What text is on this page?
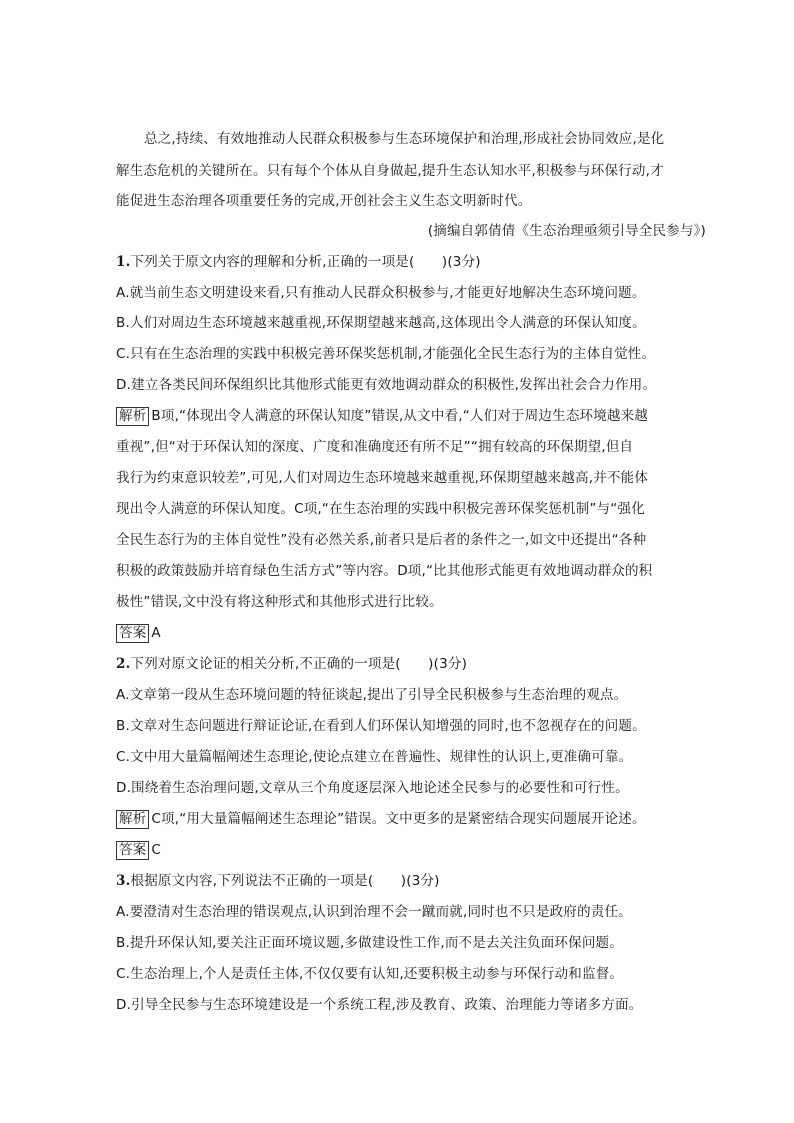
总之,持续、有效地推动人民群众积极参与生态环境保护和治理,形成社会协同效应,是化
解生态危机的关键所在。只有每个个体从自身做起,提升生态认知水平,积极参与环保行动,才
能促进生态治理各项重要任务的完成,开创社会主义生态文明新时代。
(摘编自郭倩倩《生态治理亟须引导全民参与》)
1.下列关于原文内容的理解和分析,正确的一项是(　　)(3分)
A.就当前生态文明建设来看,只有推动人民群众积极参与,才能更好地解决生态环境问题。
B.人们对周边生态环境越来越重视,环保期望越来越高,这体现出令人满意的环保认知度。
C.只有在生态治理的实践中积极完善环保奖惩机制,才能强化全民生态行为的主体自觉性。
D.建立各类民间环保组织比其他形式能更有效地调动群众的积极性,发挥出社会合力作用。
解析 B项,“体现出令人满意的环保认知度”错误,从文中看,“人们对于周边生态环境越来越
重视”,但“对于环保认知的深度、广度和准确度还有所不足”“拥有较高的环保期望,但自
我行为约束意识较差”,可见,人们对周边生态环境越来越重视,环保期望越来越高,并不能体
现出令人满意的环保认知度。C项,“在生态治理的实践中积极完善环保奖惩机制”与“强化
全民生态行为的主体自觉性”没有必然关系,前者只是后者的条件之一,如文中还提出“各种
积极的政策鼓励并培育绿色生活方式”等内容。D项,“比其他形式能更有效地调动群众的积
极性”错误,文中没有将这种形式和其他形式进行比较。
答案 A
2.下列对原文论证的相关分析,不正确的一项是(　　)(3分)
A.文章第一段从生态环境问题的特征谈起,提出了引导全民积极参与生态治理的观点。
B.文章对生态问题进行辩证论证,在看到人们环保认知增强的同时,也不忽视存在的问题。
C.文中用大量篇幅阐述生态理论,使论点建立在普遍性、规律性的认识上,更准确可靠。
D.围绕着生态治理问题,文章从三个角度逐层深入地论述全民参与的必要性和可行性。
解析 C项,“用大量篇幅阐述生态理论”错误。文中更多的是紧密结合现实问题展开论述。
答案 C
3.根据原文内容,下列说法不正确的一项是(　　)(3分)
A.要澄清对生态治理的错误观点,认识到治理不会一蹴而就,同时也不只是政府的责任。
B.提升环保认知,要关注正面环境议题,多做建设性工作,而不是去关注负面环保问题。
C.生态治理上,个人是责任主体,不仅仅要有认知,还要积极主动参与环保行动和监督。
D.引导全民参与生态环境建设是一个系统工程,涉及教育、政策、治理能力等诸多方面。
